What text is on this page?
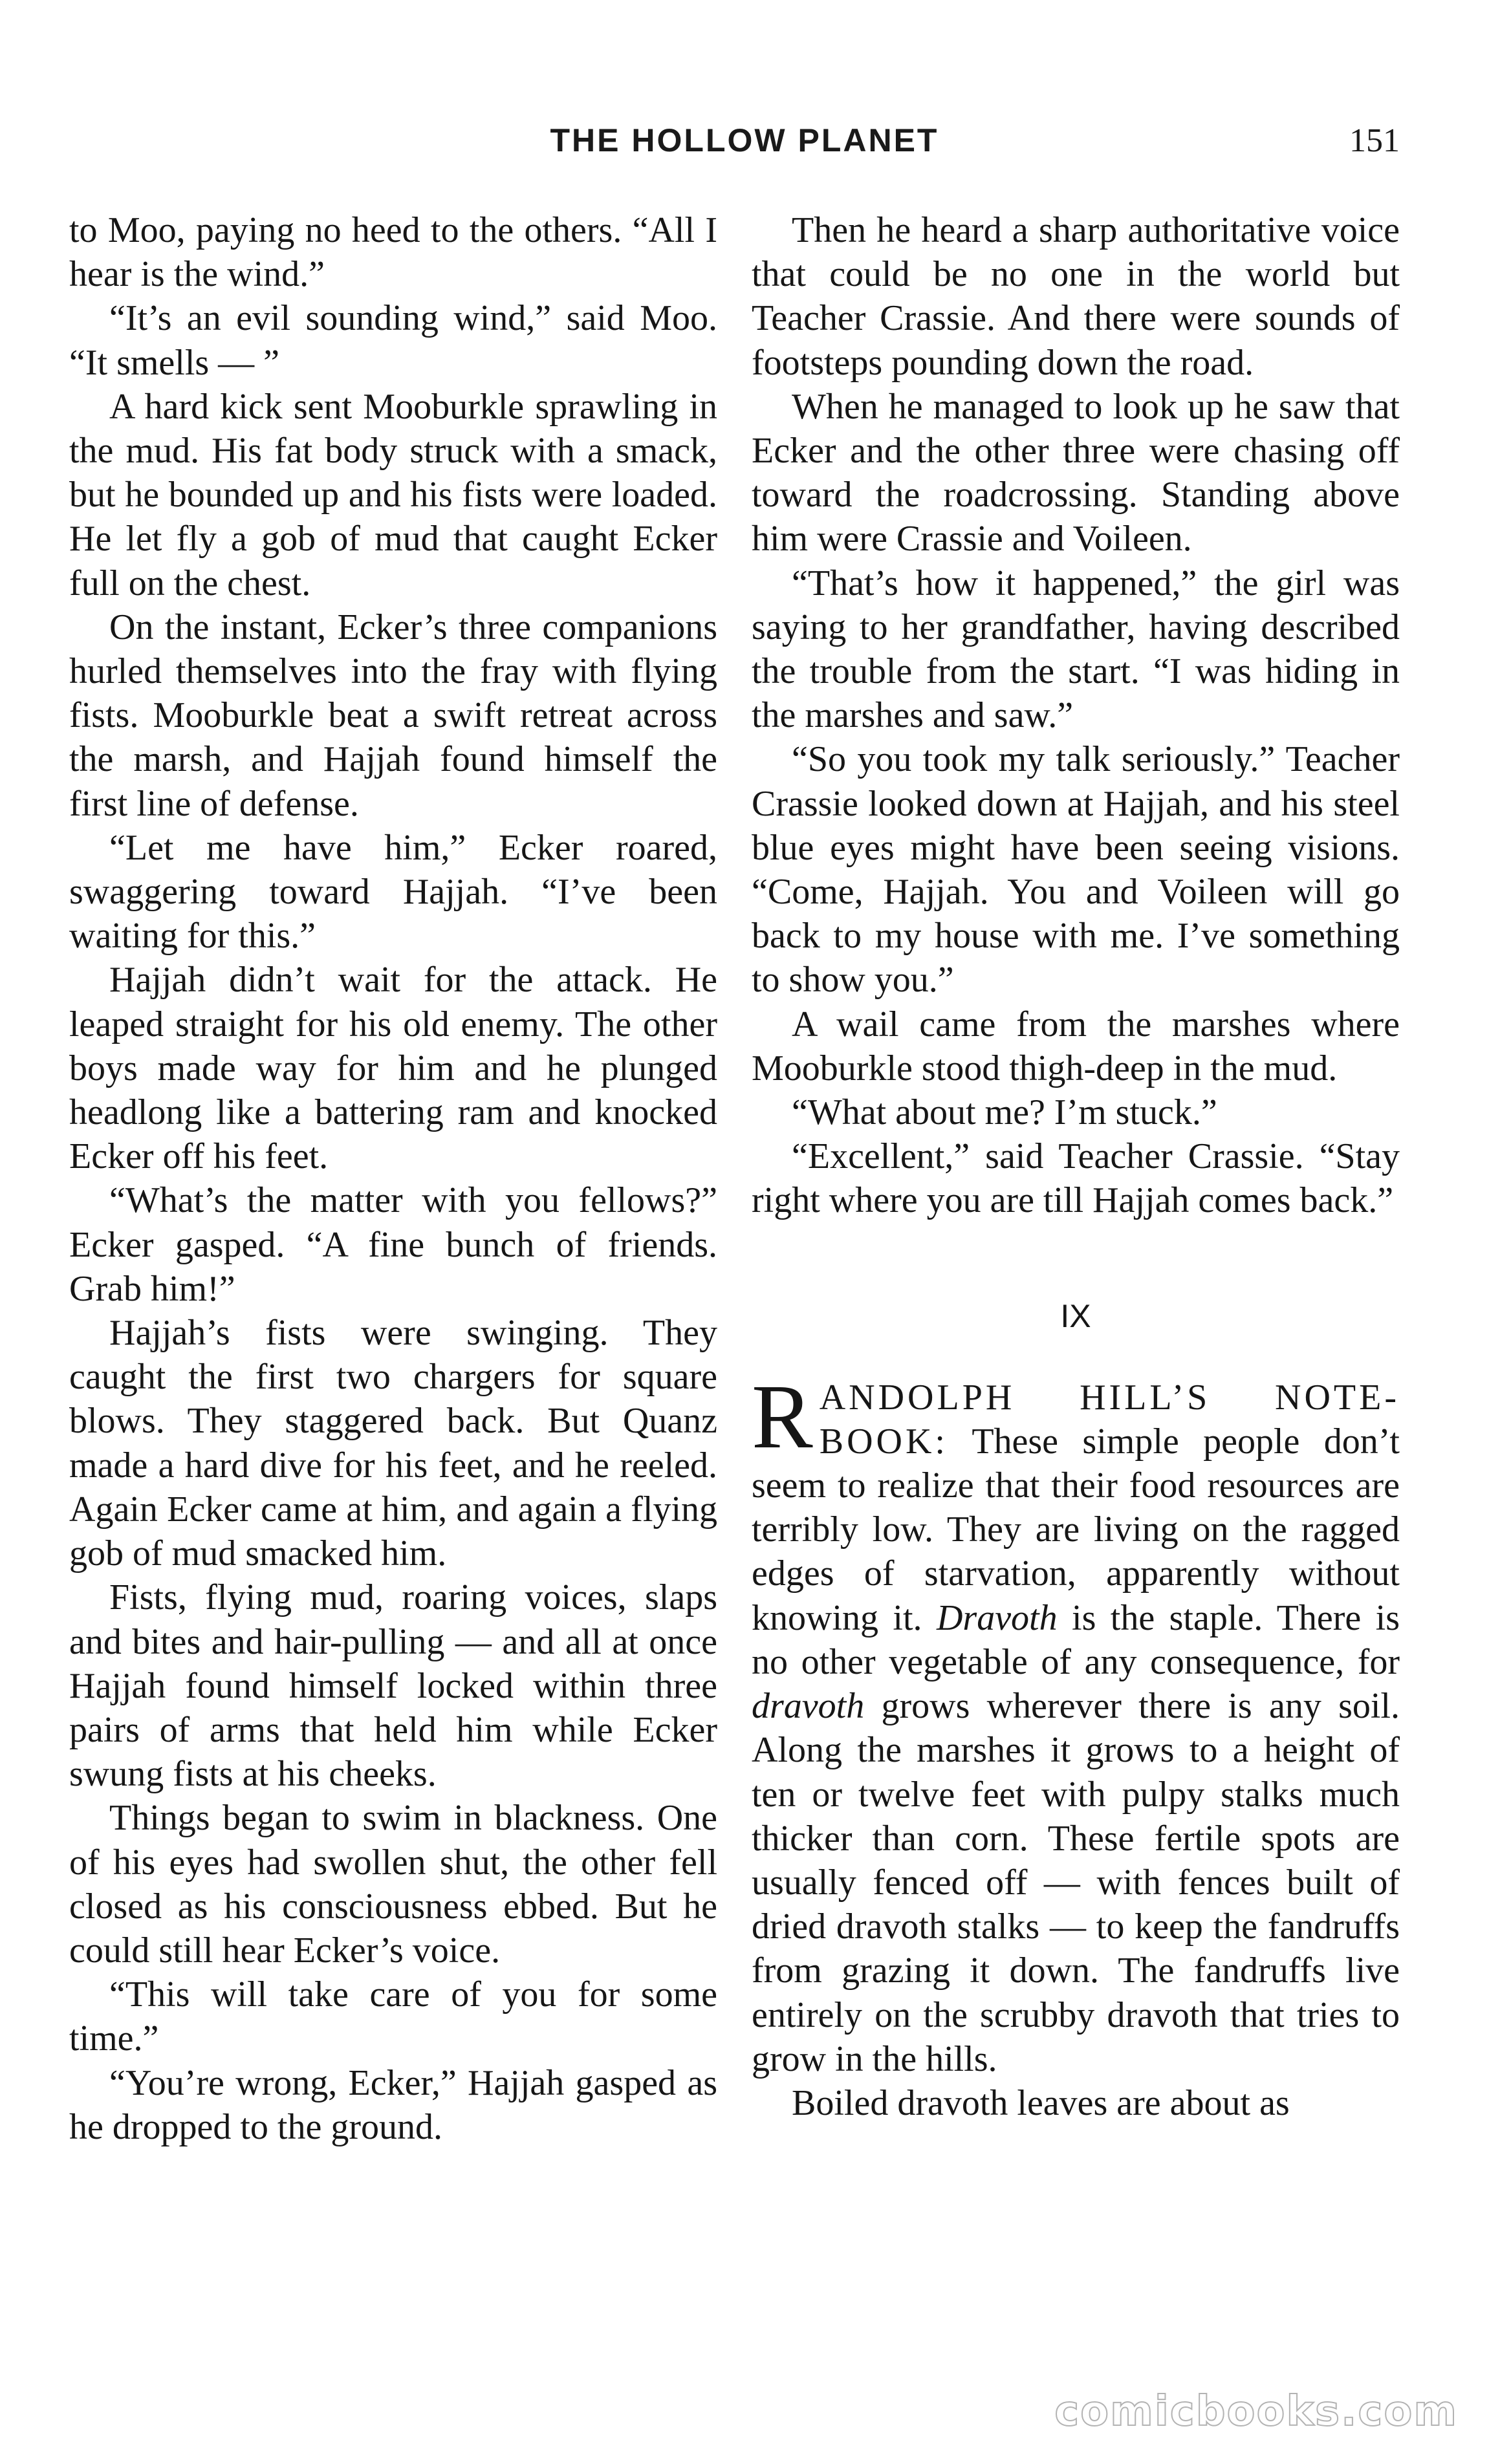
THE HOLLOW PLANET	151

to Moo, paying no heed to the others. “All I hear is the wind.”

“It’s an evil sounding wind,” said Moo. “It smells — ”

A hard kick sent Mooburkle sprawling in the mud. His fat body struck with a smack, but he bounded up and his fists were loaded. He let fly a gob of mud that caught Ecker full on the chest.

On the instant, Ecker’s three companions hurled themselves into the fray with flying fists. Mooburkle beat a swift retreat across the marsh, and Hajjah found himself the first line of defense.

“Let me have him,” Ecker roared, swaggering toward Hajjah. “I’ve been waiting for this.”

Hajjah didn’t wait for the attack. He leaped straight for his old enemy. The other boys made way for him and he plunged headlong like a battering ram and knocked Ecker off his feet.

“What’s the matter with you fellows?” Ecker gasped. “A fine bunch of friends. Grab him!”

Hajjah’s fists were swinging. They caught the first two chargers for square blows. They staggered back. But Quanz made a hard dive for his feet, and he reeled. Again Ecker came at him, and again a flying gob of mud smacked him.

Fists, flying mud, roaring voices, slaps and bites and hair-pulling — and all at once Hajjah found himself locked within three pairs of arms that held him while Ecker swung fists at his cheeks.

Things began to swim in blackness. One of his eyes had swollen shut, the other fell closed as his consciousness ebbed. But he could still hear Ecker’s voice.

“This will take care of you for some time.”

“You’re wrong, Ecker,” Hajjah gasped as he dropped to the ground.

Then he heard a sharp authoritative voice that could be no one in the world but Teacher Crassie. And there were sounds of footsteps pounding down the road.

When he managed to look up he saw that Ecker and the other three were chasing off toward the roadcrossing. Standing above him were Crassie and Voileen.

“That’s how it happened,” the girl was saying to her grandfather, having described the trouble from the start. “I was hiding in the marshes and saw.”

“So you took my talk seriously.” Teacher Crassie looked down at Hajjah, and his steel blue eyes might have been seeing visions. “Come, Hajjah. You and Voileen will go back to my house with me. I’ve something to show you.”

A wail came from the marshes where Mooburkle stood thigh-deep in the mud.

“What about me? I’m stuck.”

“Excellent,” said Teacher Crassie. “Stay right where you are till Hajjah comes back.”

IX

RANDOLPH HILL’S NOTE-BOOK: These simple people don’t seem to realize that their food resources are terribly low. They are living on the ragged edges of starvation, apparently without knowing it. Dravoth is the staple. There is no other vegetable of any consequence, for dravoth grows wherever there is any soil. Along the marshes it grows to a height of ten or twelve feet with pulpy stalks much thicker than corn. These fertile spots are usually fenced off — with fences built of dried dravoth stalks — to keep the fandruffs from grazing it down. The fandruffs live entirely on the scrubby dravoth that tries to grow in the hills.

Boiled dravoth leaves are about as

comicbooks.com
